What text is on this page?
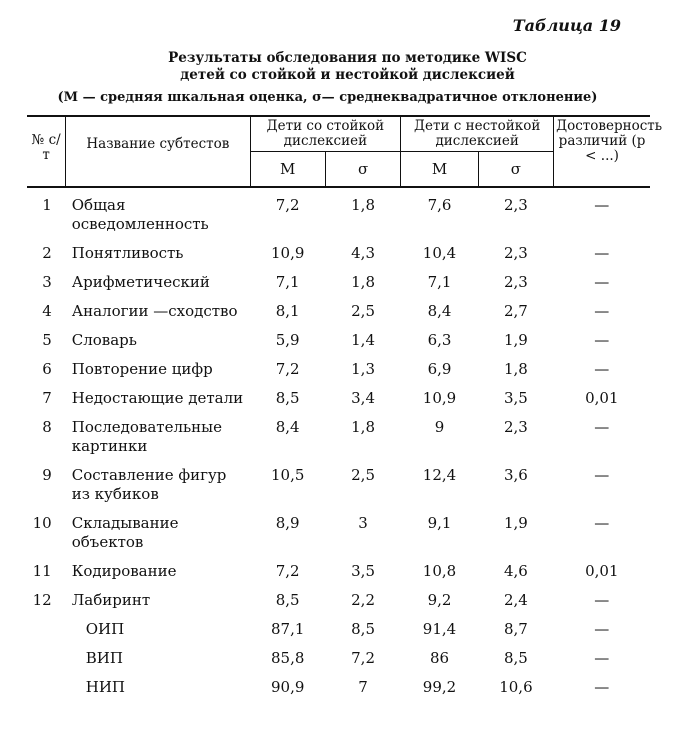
Таблица 19
Результаты обследования по методике WISC
детей со стойкой и нестойкой дислексией
(М — средняя шкальная оценка, σ— среднеквадратичное отклонение)
№ с/т	Название субтестов	Дети со стойкой дислексией		Дети с нестойкой дислексией		Достоверность различий (р < ...)
		М	σ	М	σ	
1	Общая осведомленность	7,2	1,8	7,6	2,3	—
2	Понятливость	10,9	4,3	10,4	2,3	—
3	Арифметический	7,1	1,8	7,1	2,3	—
4	Аналогии —сходство	8,1	2,5	8,4	2,7	—
5	Словарь	5,9	1,4	6,3	1,9	—
6	Повторение цифр	7,2	1,3	6,9	1,8	—
7	Недостающие детали	8,5	3,4	10,9	3,5	0,01
8	Последовательные картинки	8,4	1,8	9	2,3	—
9	Составление фигур из кубиков	10,5	2,5	12,4	3,6	—
10	Складывание объектов	8,9	3	9,1	1,9	—
11	Кодирование	7,2	3,5	10,8	4,6	0,01
12	Лабиринт	8,5	2,2	9,2	2,4	—
	ОИП	87,1	8,5	91,4	8,7	—
	ВИП	85,8	7,2	86	8,5	—
	НИП	90,9	7	99,2	10,6	—
